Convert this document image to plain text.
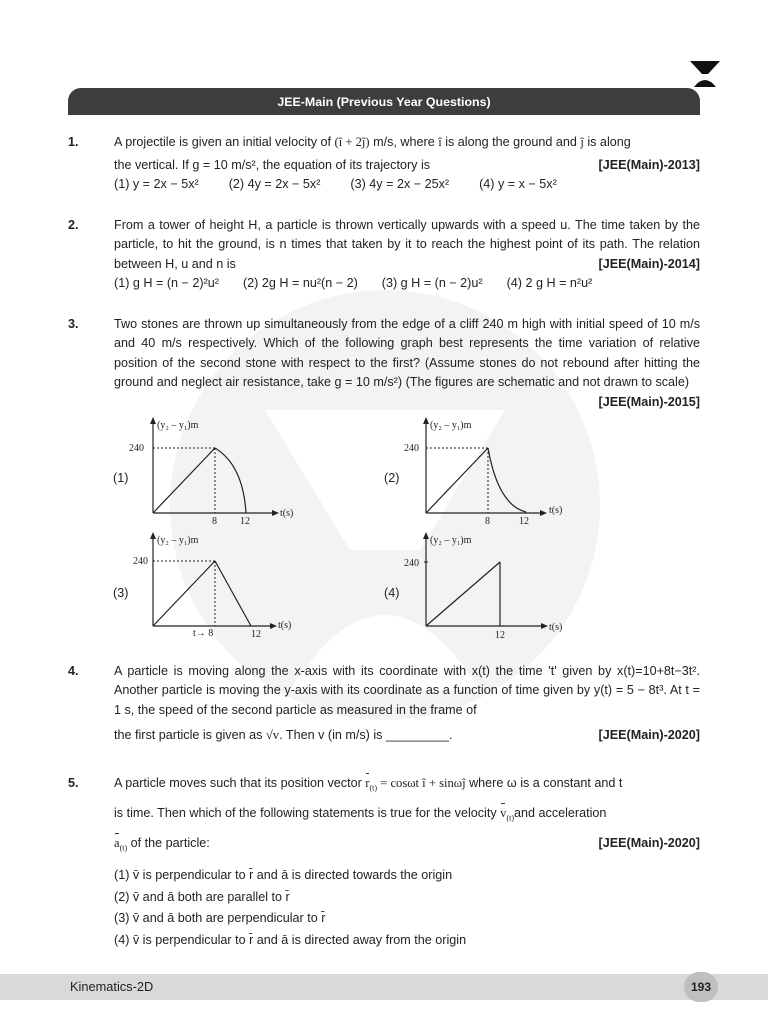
JEE-Main (Previous Year Questions)
1.	A projectile is given an initial velocity of (î + 2ĵ) m/s, where î is along the ground and ĵ is along
the vertical. If g = 10 m/s², the equation of its trajectory is	[JEE(Main)-2013]
(1) y = 2x − 5x² (2) 4y = 2x − 5x² (3) 4y = 2x − 25x² (4) y = x − 5x²
2.	From a tower of height H, a particle is thrown vertically upwards with a speed u. The time taken by the particle, to hit the ground, is n times that taken by it to reach the highest point of its path. The relation between H, u and n is	[JEE(Main)-2014]
(1) g H = (n − 2)²u² (2) 2g H = nu²(n − 2) (3) g H = (n − 2)u² (4) 2 g H = n²u²
3.	Two stones are thrown up simultaneously from the edge of a cliff 240 m high with initial speed of 10 m/s and 40 m/s respectively. Which of the following graph best represents the time variation of relative position of the second stone with respect to the first? (Assume stones do not rebound after hitting the ground and neglect air resistance, take g = 10 m/s²) (The figures are schematic and not drawn to scale)
[JEE(Main)-2015]
(1)	(2)
(3)	(4)
(y₂ – y₁)m
t(s)
240
8 12
(y₂ – y₁)m
t(s)
240
8	12
(y₂ – y₁)m
t(s)
240
t→ 8	12
(y₂ – y₁)m
t(s)
240
12
4.	A particle is moving along the x-axis with its coordinate with x(t) the time 't' given by x(t)=10+8t−3t². Another particle is moving the y-axis with its coordinate as a function of time given by y(t) = 5 − 8t³. At t = 1 s, the speed of the second particle as measured in the frame of
the first particle is given as √v. Then v (in m/s) is _________.	[JEE(Main)-2020]
5.	A particle moves such that its position vector $r_{(t)} = \cos\omega t$ î + sinωĵ where ω is a constant and t
is time. Then which of the following statements is true for the velocity $v_{(t)}and$ acceleration
$a_{(t)}$ of the particle:	[JEE(Main)-2020]
(1) v̄ is perpendicular to r̄ and ā is directed towards the origin
(2) v̄ and ā both are parallel to r̄
(3) v̄ and ā both are perpendicular to r̄
(4) v̄ is perpendicular to r̄ and ā is directed away from the origin
Kinematics-2D	193
